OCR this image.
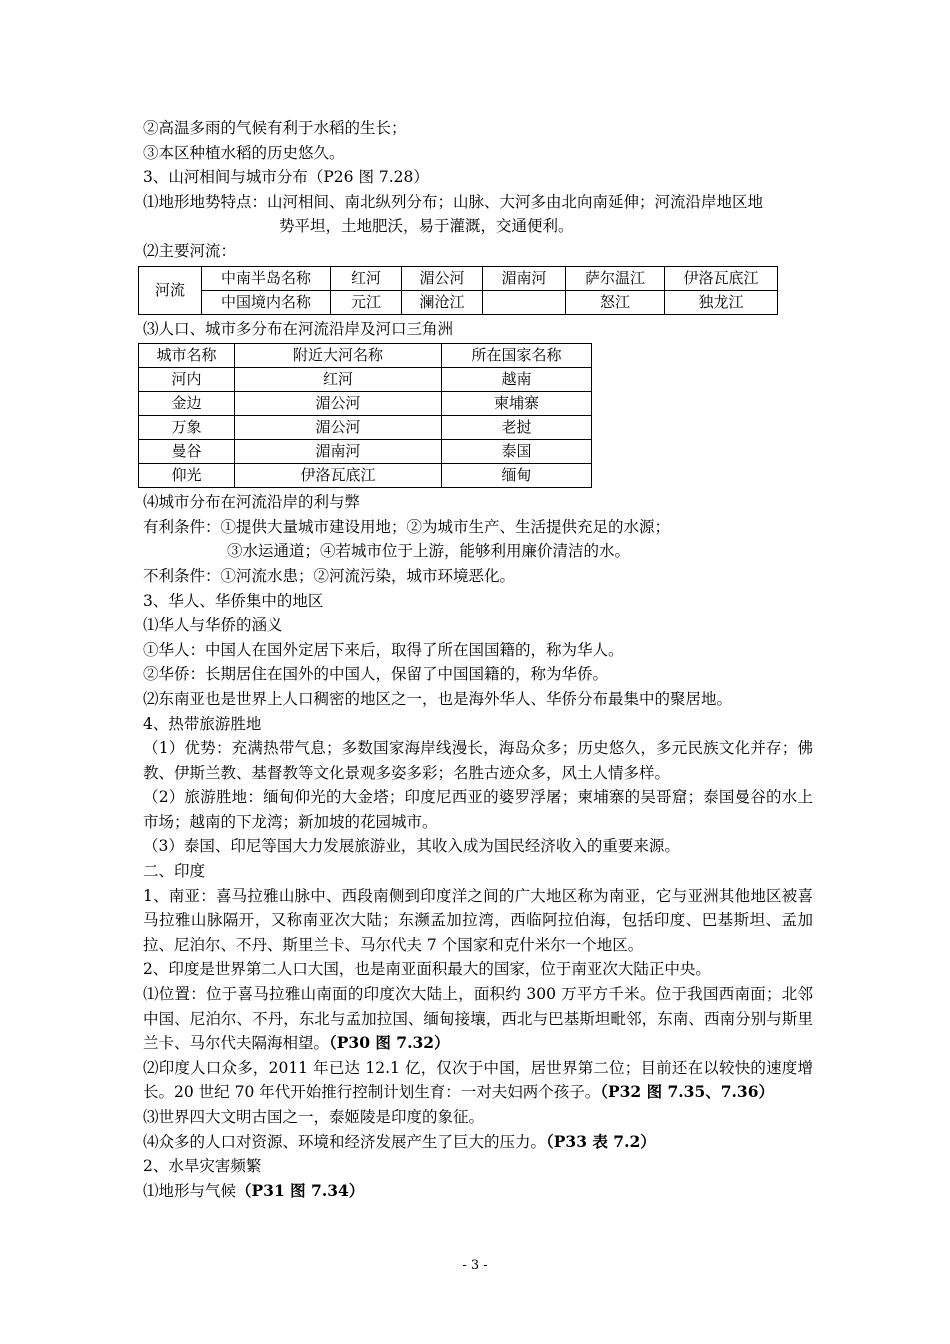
②高温多雨的气候有利于水稻的生长；
③本区种植水稻的历史悠久。
3、山河相间与城市分布（P26 图 7.28）
⑴地形地势特点：山河相间、南北纵列分布；山脉、大河多由北向南延伸；河流沿岸地区地
势平坦，土地肥沃，易于灌溉，交通便利。
⑵主要河流：
河流	中南半岛名称	红河	湄公河	湄南河	萨尔温江	伊洛瓦底江
	中国境内名称	元江	澜沧江		怒江	独龙江
⑶人口、城市多分布在河流沿岸及河口三角洲
城市名称	附近大河名称	所在国家名称
河内	红河	越南
金边	湄公河	柬埔寨
万象	湄公河	老挝
曼谷	湄南河	泰国
仰光	伊洛瓦底江	缅甸
⑷城市分布在河流沿岸的利与弊
有利条件：①提供大量城市建设用地；②为城市生产、生活提供充足的水源；
③水运通道；④若城市位于上游，能够利用廉价清洁的水。
不利条件：①河流水患；②河流污染，城市环境恶化。
3、华人、华侨集中的地区
⑴华人与华侨的涵义
①华人：中国人在国外定居下来后，取得了所在国国籍的，称为华人。
②华侨：长期居住在国外的中国人，保留了中国国籍的，称为华侨。
⑵东南亚也是世界上人口稠密的地区之一，也是海外华人、华侨分布最集中的聚居地。
4、热带旅游胜地
（1）优势：充满热带气息；多数国家海岸线漫长，海岛众多；历史悠久，多元民族文化并存；佛教、伊斯兰教、基督教等文化景观多姿多彩；名胜古迹众多，风土人情多样。
（2）旅游胜地：缅甸仰光的大金塔；印度尼西亚的婆罗浮屠；柬埔寨的吴哥窟；泰国曼谷的水上市场；越南的下龙湾；新加坡的花园城市。
（3）泰国、印尼等国大力发展旅游业，其收入成为国民经济收入的重要来源。
二、印度
1、南亚：喜马拉雅山脉中、西段南侧到印度洋之间的广大地区称为南亚，它与亚洲其他地区被喜马拉雅山脉隔开，又称南亚次大陆；东濒孟加拉湾，西临阿拉伯海，包括印度、巴基斯坦、孟加拉、尼泊尔、不丹、斯里兰卡、马尔代夫 7 个国家和克什米尔一个地区。
2、印度是世界第二人口大国，也是南亚面积最大的国家，位于南亚次大陆正中央。
⑴位置：位于喜马拉雅山南面的印度次大陆上，面积约 300 万平方千米。位于我国西南面；北邻中国、尼泊尔、不丹，东北与孟加拉国、缅甸接壤，西北与巴基斯坦毗邻，东南、西南分别与斯里兰卡、马尔代夫隔海相望。（P30 图 7.32）
⑵印度人口众多，2011 年已达 12.1 亿，仅次于中国，居世界第二位；目前还在以较快的速度增长。20 世纪 70 年代开始推行控制计划生育：一对夫妇两个孩子。（P32 图 7.35、7.36）
⑶世界四大文明古国之一，泰姬陵是印度的象征。
⑷众多的人口对资源、环境和经济发展产生了巨大的压力。（P33 表 7.2）
2、水旱灾害频繁
⑴地形与气候（P31 图 7.34）
- 3 -
